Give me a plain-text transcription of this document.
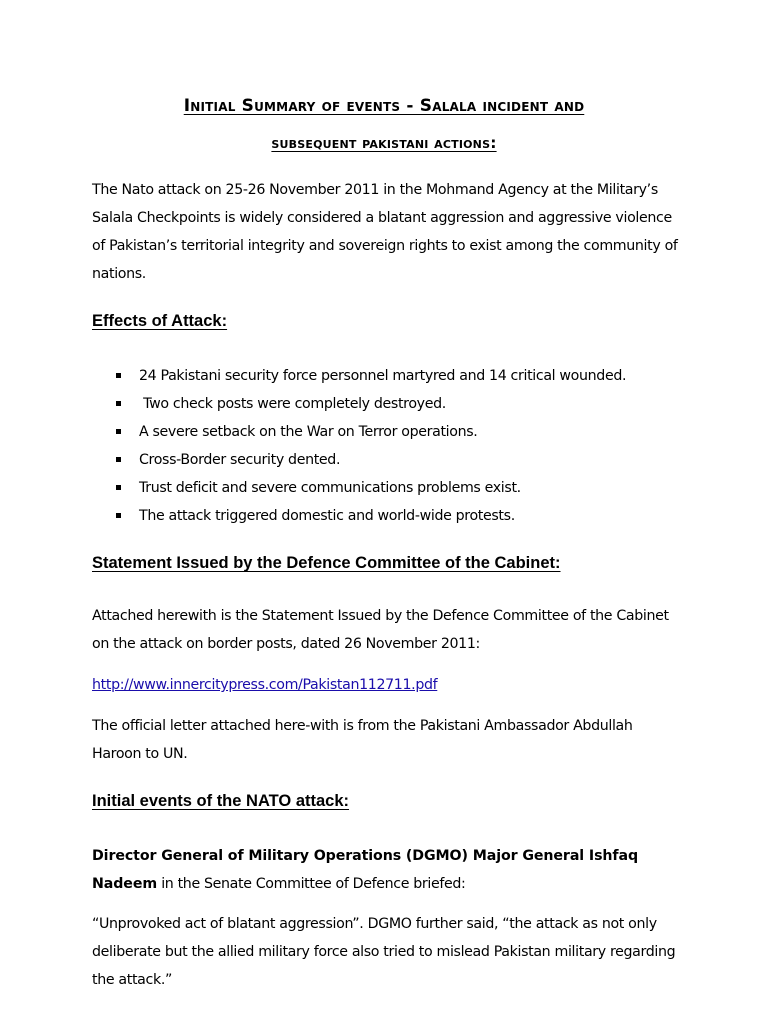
Initial Summary of events - Salala incident and
subsequent pakistani actions:

The Nato attack on 25-26 November 2011 in the Mohmand Agency at the Military’s Salala Checkpoints is widely considered a blatant aggression and aggressive violence of Pakistan’s territorial integrity and sovereign rights to exist among the community of nations.

Effects of Attack:
24 Pakistani security force personnel martyred and 14 critical wounded.
Two check posts were completely destroyed.
A severe setback on the War on Terror operations.
Cross-Border security dented.
Trust deficit and severe communications problems exist.
The attack triggered domestic and world-wide protests.
Statement Issued by the Defence Committee of the Cabinet:

Attached herewith is the Statement Issued by the Defence Committee of the Cabinet on the attack on border posts, dated 26 November 2011:

http://www.innercitypress.com/Pakistan112711.pdf

The official letter attached here-with is from the Pakistani Ambassador Abdullah Haroon to UN.

Initial events of the NATO attack:

Director General of Military Operations (DGMO) Major General Ishfaq Nadeem in the Senate Committee of Defence briefed:

“Unprovoked act of blatant aggression”. DGMO further said, “the attack as not only deliberate but the allied military force also tried to mislead Pakistan military regarding the attack.”
